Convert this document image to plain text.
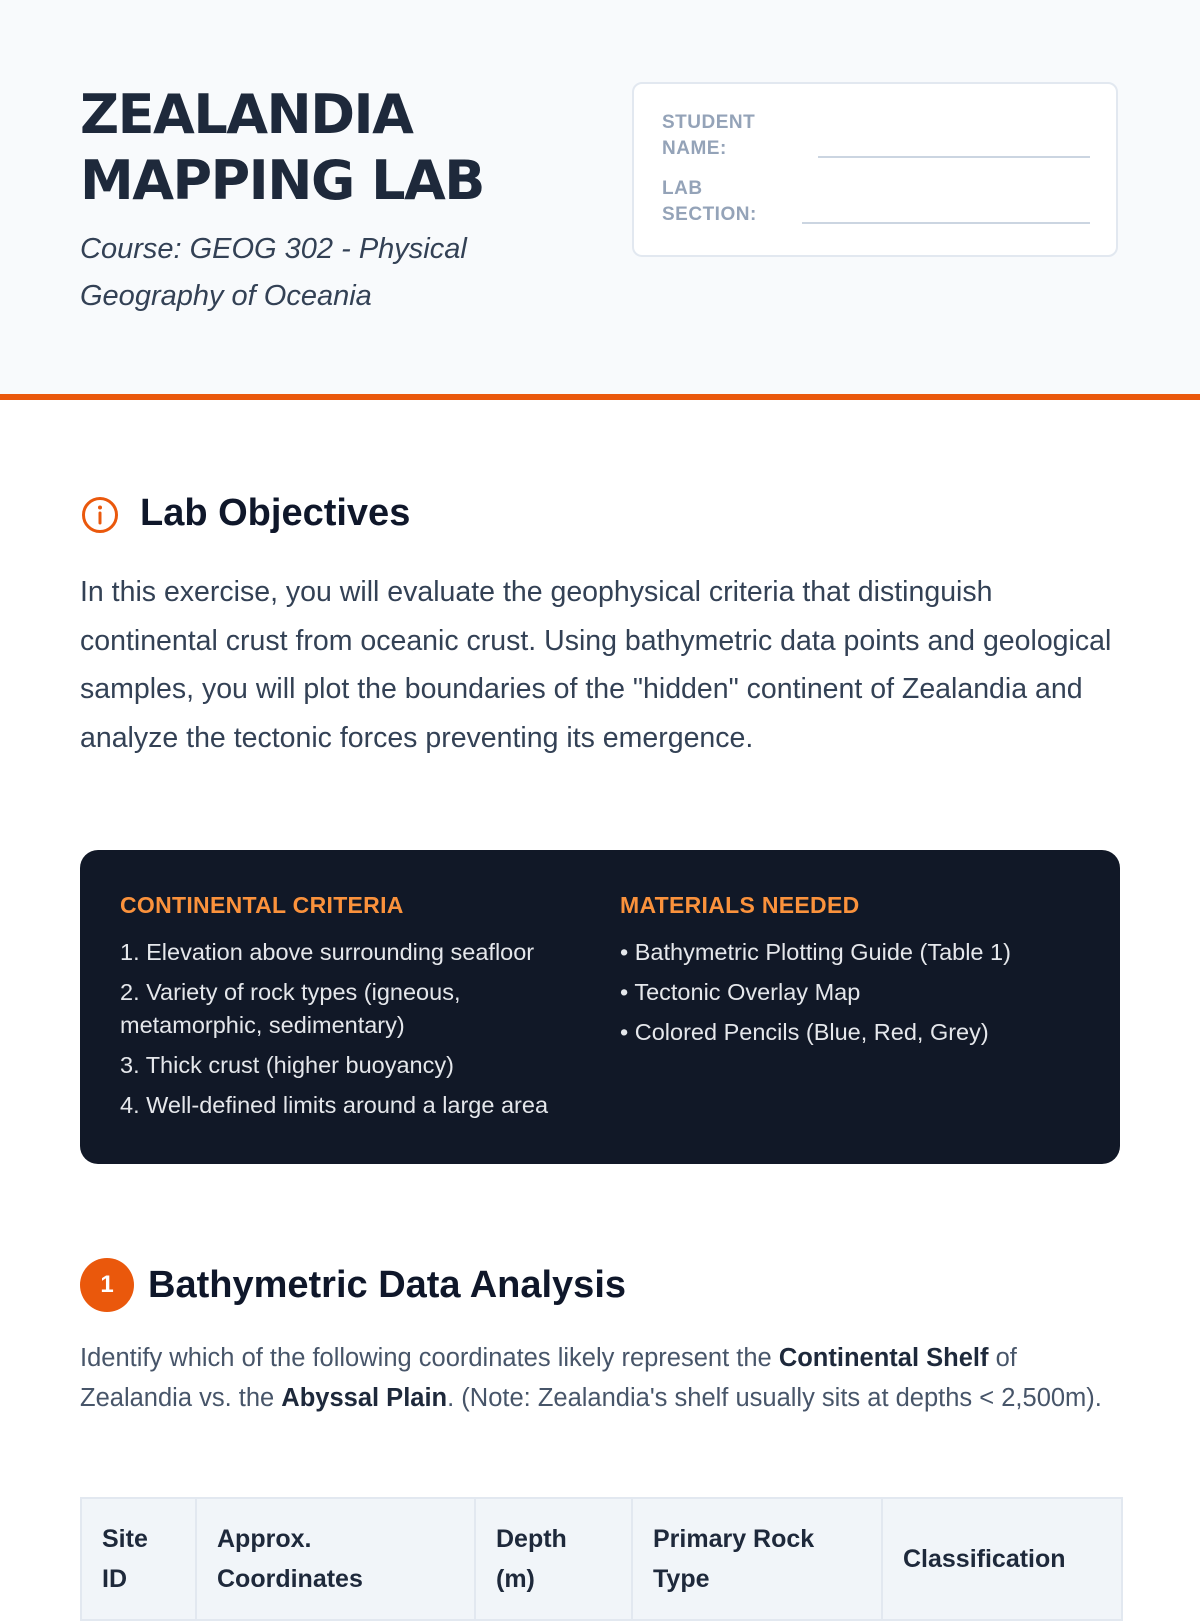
ZEALANDIA
MAPPING LAB
Course: GEOG 302 - Physical Geography of Oceania
STUDENT NAME:
LAB SECTION:
Lab Objectives

In this exercise, you will evaluate the geophysical criteria that distinguish continental crust from oceanic crust. Using bathymetric data points and geological samples, you will plot the boundaries of the "hidden" continent of Zealandia and analyze the tectonic forces preventing its emergence.

CONTINENTAL CRITERIA
1. Elevation above surrounding seafloor
2. Variety of rock types (igneous, metamorphic, sedimentary)
3. Thick crust (higher buoyancy)
4. Well-defined limits around a large area
MATERIALS NEEDED
• Bathymetric Plotting Guide (Table 1)
• Tectonic Overlay Map
• Colored Pencils (Blue, Red, Grey)
1 Bathymetric Data Analysis

Identify which of the following coordinates likely represent the Continental Shelf of Zealandia vs. the Abyssal Plain. (Note: Zealandia's shelf usually sits at depths < 2,500m).

Site ID	Approx. Coordinates	Depth (m)	Primary Rock Type	Classification
